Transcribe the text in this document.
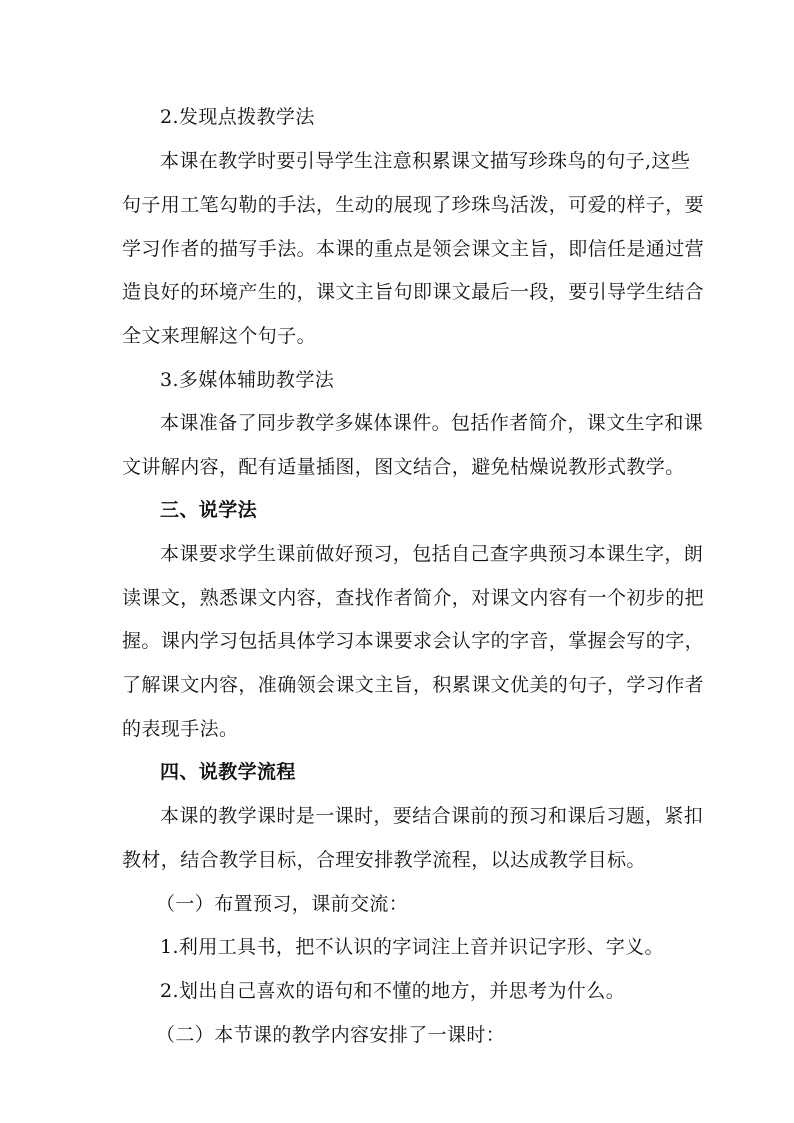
2.发现点拨教学法
本课在教学时要引导学生注意积累课文描写珍珠鸟的句子,这些
句子用工笔勾勒的手法，生动的展现了珍珠鸟活泼，可爱的样子，要
学习作者的描写手法。本课的重点是领会课文主旨，即信任是通过营
造良好的环境产生的，课文主旨句即课文最后一段，要引导学生结合
全文来理解这个句子。
3.多媒体辅助教学法
本课准备了同步教学多媒体课件。包括作者简介，课文生字和课
文讲解内容，配有适量插图，图文结合，避免枯燥说教形式教学。
三、说学法
本课要求学生课前做好预习，包括自己查字典预习本课生字，朗
读课文，熟悉课文内容，查找作者简介，对课文内容有一个初步的把
握。课内学习包括具体学习本课要求会认字的字音，掌握会写的字，
了解课文内容，准确领会课文主旨，积累课文优美的句子，学习作者
的表现手法。
四、说教学流程
本课的教学课时是一课时，要结合课前的预习和课后习题，紧扣
教材，结合教学目标，合理安排教学流程，以达成教学目标。
（一）布置预习，课前交流：
1.利用工具书，把不认识的字词注上音并识记字形、字义。
2.划出自己喜欢的语句和不懂的地方，并思考为什么。
（二）本节课的教学内容安排了一课时：
